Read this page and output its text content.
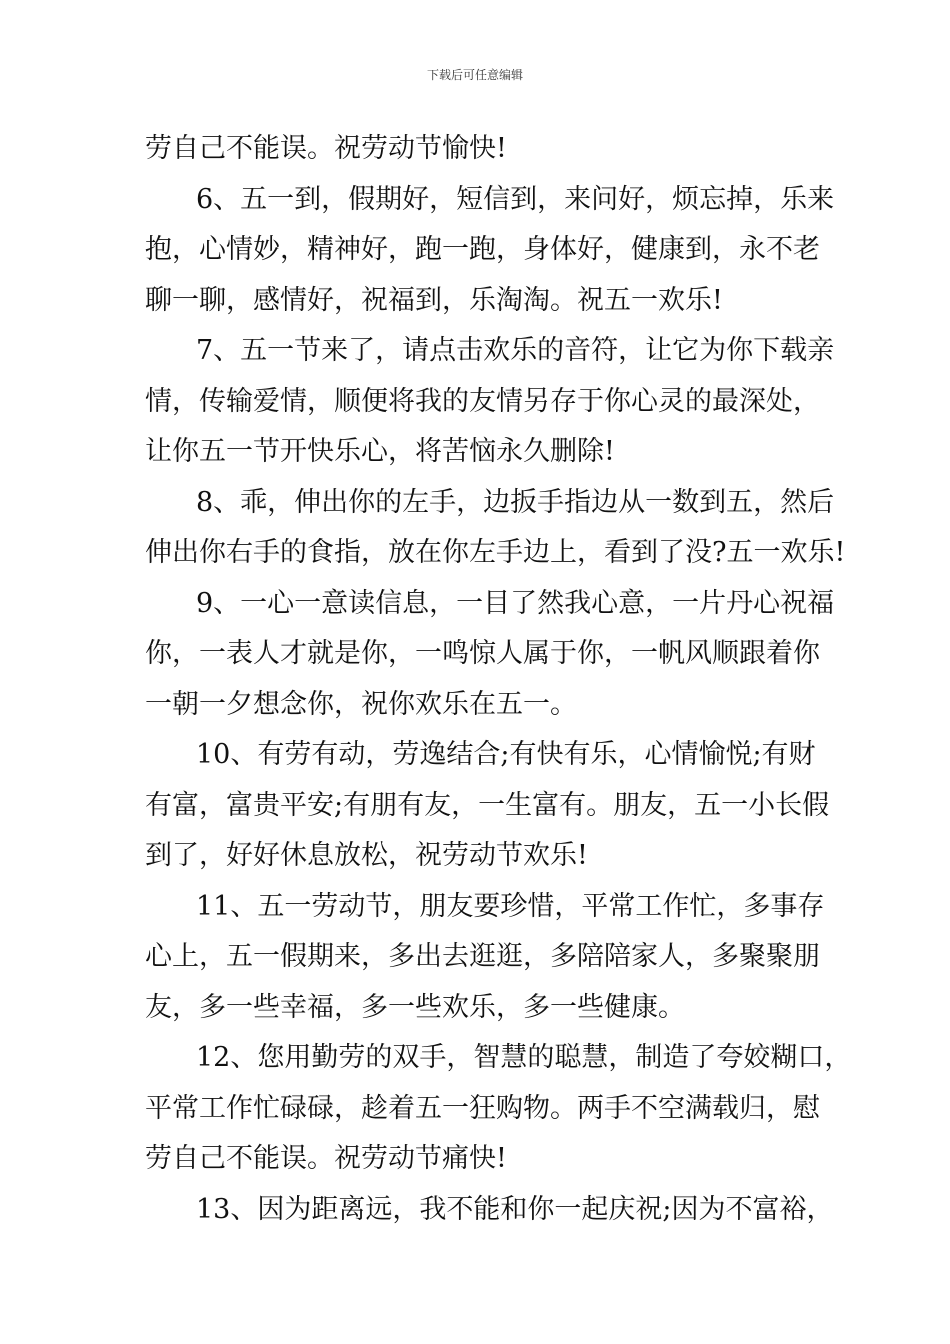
下载后可任意编辑
劳自己不能误。祝劳动节愉快!
6、五一到，假期好，短信到，来问好，烦忘掉，乐来
抱，心情妙，精神好，跑一跑，身体好，健康到，永不老
聊一聊，感情好，祝福到，乐淘淘。祝五一欢乐!
7、五一节来了，请点击欢乐的音符，让它为你下载亲
情，传输爱情，顺便将我的友情另存于你心灵的最深处，
让你五一节开快乐心，将苦恼永久删除!
8、乖，伸出你的左手，边扳手指边从一数到五，然后
伸出你右手的食指，放在你左手边上，看到了没?五一欢乐!
9、一心一意读信息，一目了然我心意，一片丹心祝福
你，一表人才就是你，一鸣惊人属于你，一帆风顺跟着你
一朝一夕想念你，祝你欢乐在五一。
10、有劳有动，劳逸结合;有快有乐，心情愉悦;有财
有富，富贵平安;有朋有友，一生富有。朋友，五一小长假
到了，好好休息放松，祝劳动节欢乐!
11、五一劳动节，朋友要珍惜，平常工作忙，多事存
心上，五一假期来，多出去逛逛，多陪陪家人，多聚聚朋
友，多一些幸福，多一些欢乐，多一些健康。
12、您用勤劳的双手，智慧的聪慧，制造了夸姣糊口，
平常工作忙碌碌，趁着五一狂购物。两手不空满载归，慰
劳自己不能误。祝劳动节痛快!
13、因为距离远，我不能和你一起庆祝;因为不富裕，
